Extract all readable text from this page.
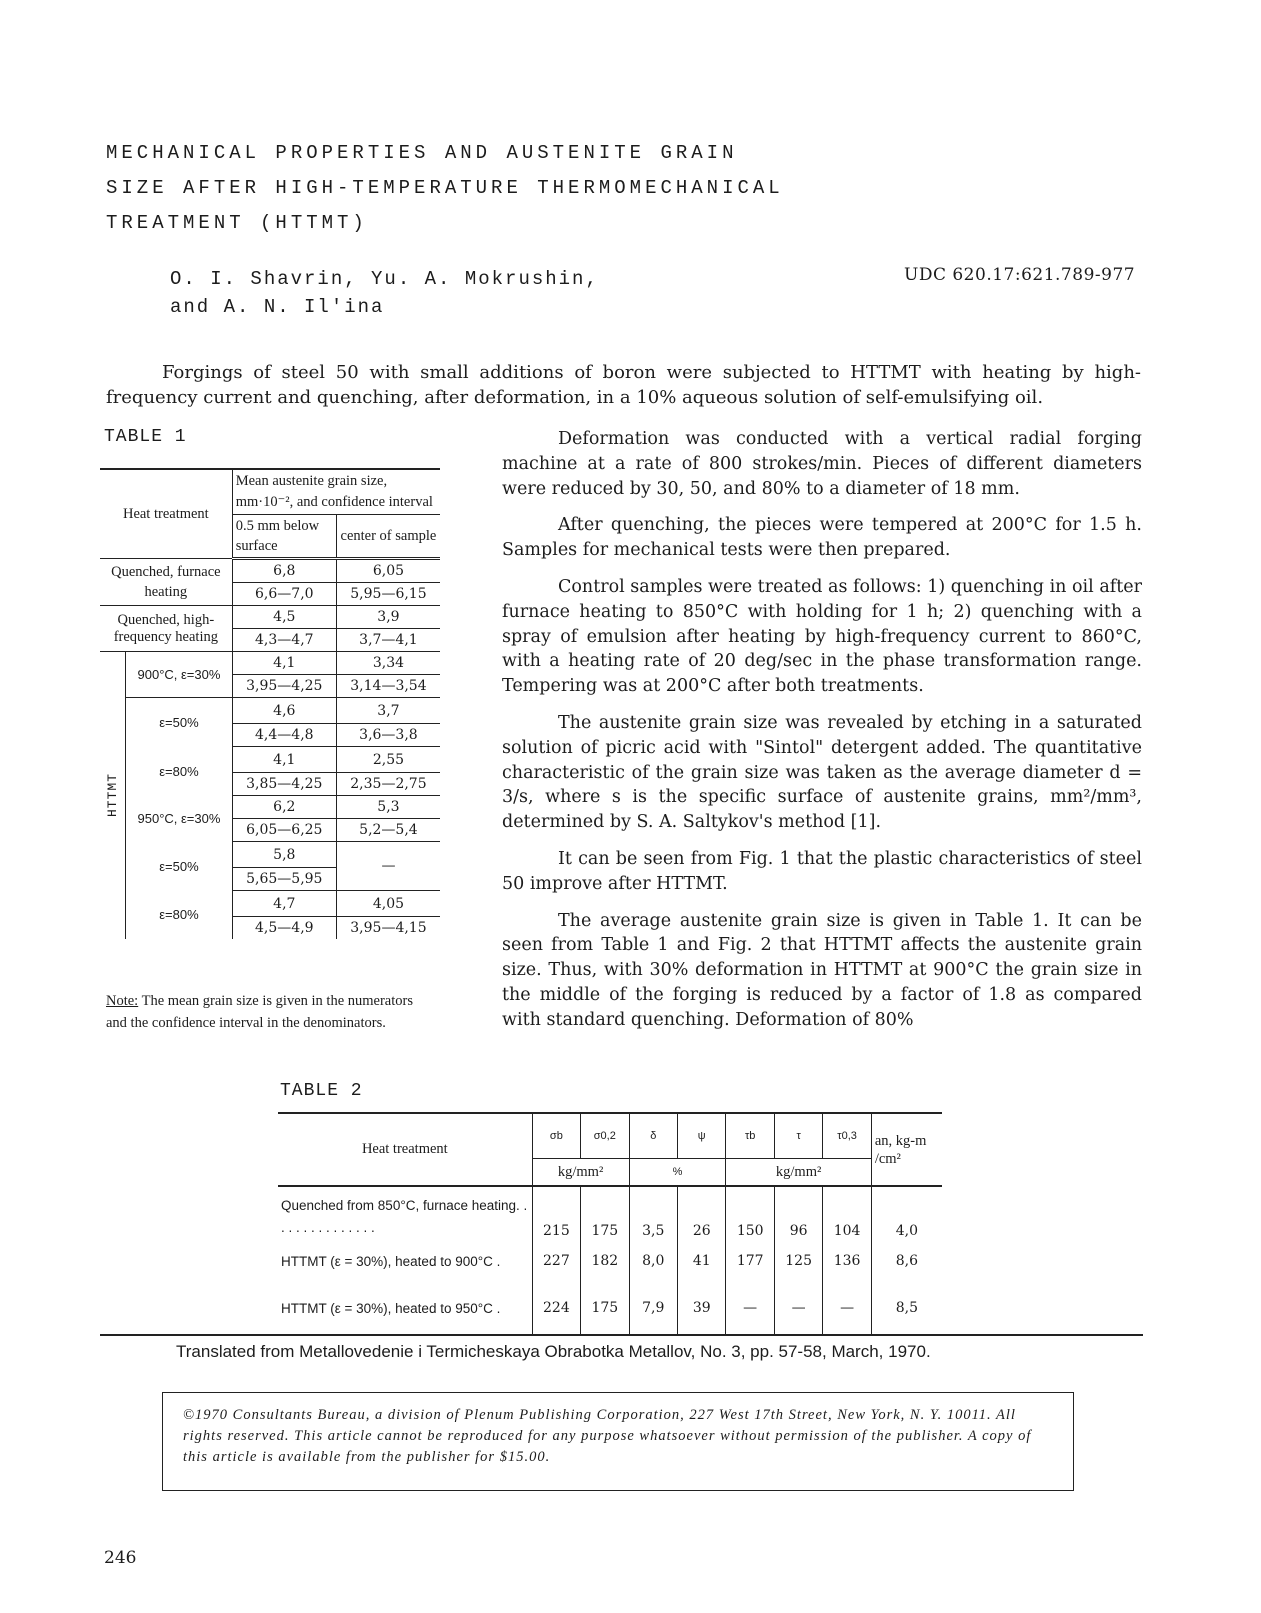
MECHANICAL PROPERTIES AND AUSTENITE GRAIN
SIZE AFTER HIGH-TEMPERATURE THERMOMECHANICAL
TREATMENT (HTTMT)
O. I. Shavrin, Yu. A. Mokrushin,
and A. N. Il'ina
UDC 620.17:621.789-977
Forgings of steel 50 with small additions of boron were subjected to HTTMT with heating by high-frequency current and quenching, after deformation, in a 10% aqueous solution of self-emulsifying oil.
TABLE 1
Heat treatment		Mean austenite grain size, mm·10⁻², and confidence interval	
		0.5 mm below surface	center of sample
Quenched, furnace heating		6,8	6,05
		6,6—7,0	5,95—6,15
Quenched, high-frequency heating		4,5	3,9
		4,3—4,7	3,7—4,1

HTTMT	900°C, ε=30%	4,1	3,34
		3,95—4,25	3,14—3,54
	ε=50%	4,6	3,7
		4,4—4,8	3,6—3,8
	ε=80%	4,1	2,55
		3,85—4,25	2,35—2,75
	950°C, ε=30%	6,2	5,3
		6,05—6,25	5,2—5,4
	ε=50%	5,8	—
		5,65—5,95	
	ε=80%	4,7	4,05
		4,5—4,9	3,95—4,15
Note: The mean grain size is given in the numerators and the confidence interval in the denominators.

Deformation was conducted with a vertical radial forging machine at a rate of 800 strokes/min. Pieces of different diameters were reduced by 30, 50, and 80% to a diameter of 18 mm.

After quenching, the pieces were tempered at 200°C for 1.5 h. Samples for mechanical tests were then prepared.

Control samples were treated as follows: 1) quenching in oil after furnace heating to 850°C with holding for 1 h; 2) quenching with a spray of emulsion after heating by high-frequency current to 860°C, with a heating rate of 20 deg/sec in the phase transformation range. Tempering was at 200°C after both treatments.

The austenite grain size was revealed by etching in a saturated solution of picric acid with "Sintol" detergent added. The quantitative characteristic of the grain size was taken as the average diameter d = 3/s, where s is the specific surface of austenite grains, mm²/mm³, determined by S. A. Saltykov's method [1].

It can be seen from Fig. 1 that the plastic characteristics of steel 50 improve after HTTMT.

The average austenite grain size is given in Table 1. It can be seen from Table 1 and Fig. 2 that HTTMT affects the austenite grain size. Thus, with 30% deformation in HTTMT at 900°C the grain size in the middle of the forging is reduced by a factor of 1.8 as compared with standard quenching. Deformation of 80%

TABLE 2
Heat treatment	σb	σ0,2	δ	ψ	τb	τ	τ0,3	an, kg-m /cm²
	kg/mm²		%		kg/mm²			
Quenched from 850°C, furnace heating. . . . . . . . . . . . . . .	215	175	3,5	26	150	96	104	4,0
HTTMT (ε = 30%), heated to 900°C .	227	182	8,0	41	177	125	136	8,6
HTTMT (ε = 30%), heated to 950°C .	224	175	7,9	39	—	—	—	8,5
Translated from Metallovedenie i Termicheskaya Obrabotka Metallov, No. 3, pp. 57-58, March, 1970.
©1970 Consultants Bureau, a division of Plenum Publishing Corporation, 227 West 17th Street, New York, N. Y. 10011. All rights reserved. This article cannot be reproduced for any purpose whatsoever without permission of the publisher. A copy of this article is available from the publisher for $15.00.
246
